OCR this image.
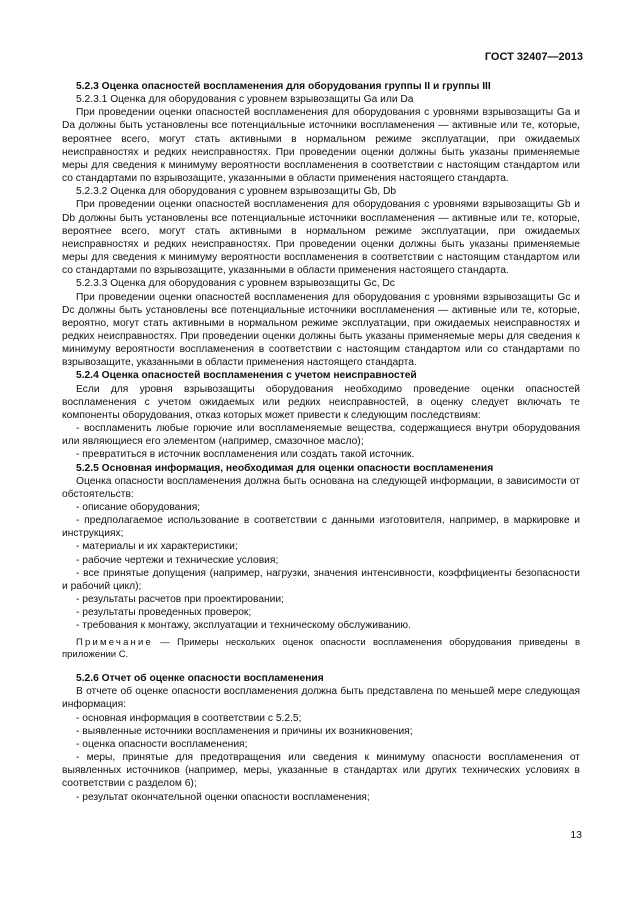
ГОСТ 32407—2013

5.2.3 Оценка опасностей воспламенения для оборудования группы II и группы III

5.2.3.1 Оценка для оборудования с уровнем взрывозащиты Ga или Da

При проведении оценки опасностей воспламенения для оборудования с уровнями взрывозащиты Ga и Da должны быть установлены все потенциальные источники воспламенения — активные или те, которые, вероятнее всего, могут стать активными в нормальном режиме эксплуатации, при ожидаемых неисправностях и редких неисправностях. При проведении оценки должны быть указаны применяемые меры для сведения к минимуму вероятности воспламенения в соответствии с настоящим стандартом или со стандартами по взрывозащите, указанными в области применения настоящего стандарта.

5.2.3.2 Оценка для оборудования с уровнем взрывозащиты Gb, Db

При проведении оценки опасностей воспламенения для оборудования с уровнями взрывозащиты Gb и Db должны быть установлены все потенциальные источники воспламенения — активные или те, которые, вероятнее всего, могут стать активными в нормальном режиме эксплуатации, при ожидаемых неисправностях и редких неисправностях. При проведении оценки должны быть указаны применяемые меры для сведения к минимуму вероятности воспламенения в соответствии с настоящим стандартом или со стандартами по взрывозащите, указанными в области применения настоящего стандарта.

5.2.3.3 Оценка для оборудования с уровнем взрывозащиты Gc, Dc

При проведении оценки опасностей воспламенения для оборудования с уровнями взрывозащиты Gc и Dc должны быть установлены все потенциальные источники воспламенения — активные или те, которые, вероятно, могут стать активными в нормальном режиме эксплуатации, при ожидаемых неисправностях и редких неисправностях. При проведении оценки должны быть указаны применяемые меры для сведения к минимуму вероятности воспламенения в соответствии с настоящим стандартом или со стандартами по взрывозащите, указанными в области применения настоящего стандарта.

5.2.4 Оценка опасностей воспламенения с учетом неисправностей

Если для уровня взрывозащиты оборудования необходимо проведение оценки опасностей воспламенения с учетом ожидаемых или редких неисправностей, в оценку следует включать те компоненты оборудования, отказ которых может привести к следующим последствиям:

- воспламенить любые горючие или воспламеняемые вещества, содержащиеся внутри оборудования или являющиеся его элементом (например, смазочное масло);

- превратиться в источник воспламенения или создать такой источник.

5.2.5 Основная информация, необходимая для оценки опасности воспламенения

Оценка опасности воспламенения должна быть основана на следующей информации, в зависимости от обстоятельств:

- описание оборудования;

- предполагаемое использование в соответствии с данными изготовителя, например, в маркировке и инструкциях;

- материалы и их характеристики;

- рабочие чертежи и технические условия;

- все принятые допущения (например, нагрузки, значения интенсивности, коэффициенты безопасности и рабочий цикл);

- результаты расчетов при проектировании;

- результаты проведенных проверок;

- требования к монтажу, эксплуатации и техническому обслуживанию.

Примечание — Примеры нескольких оценок опасности воспламенения оборудования приведены в приложении С.

5.2.6 Отчет об оценке опасности воспламенения

В отчете об оценке опасности воспламенения должна быть представлена по меньшей мере следующая информация:

- основная информация в соответствии с 5.2.5;

- выявленные источники воспламенения и причины их возникновения;

- оценка опасности воспламенения;

- меры, принятые для предотвращения или сведения к минимуму опасности воспламенения от выявленных источников (например, меры, указанные в стандартах или других технических условиях в соответствии с разделом 6);

- результат окончательной оценки опасности воспламенения;

13
